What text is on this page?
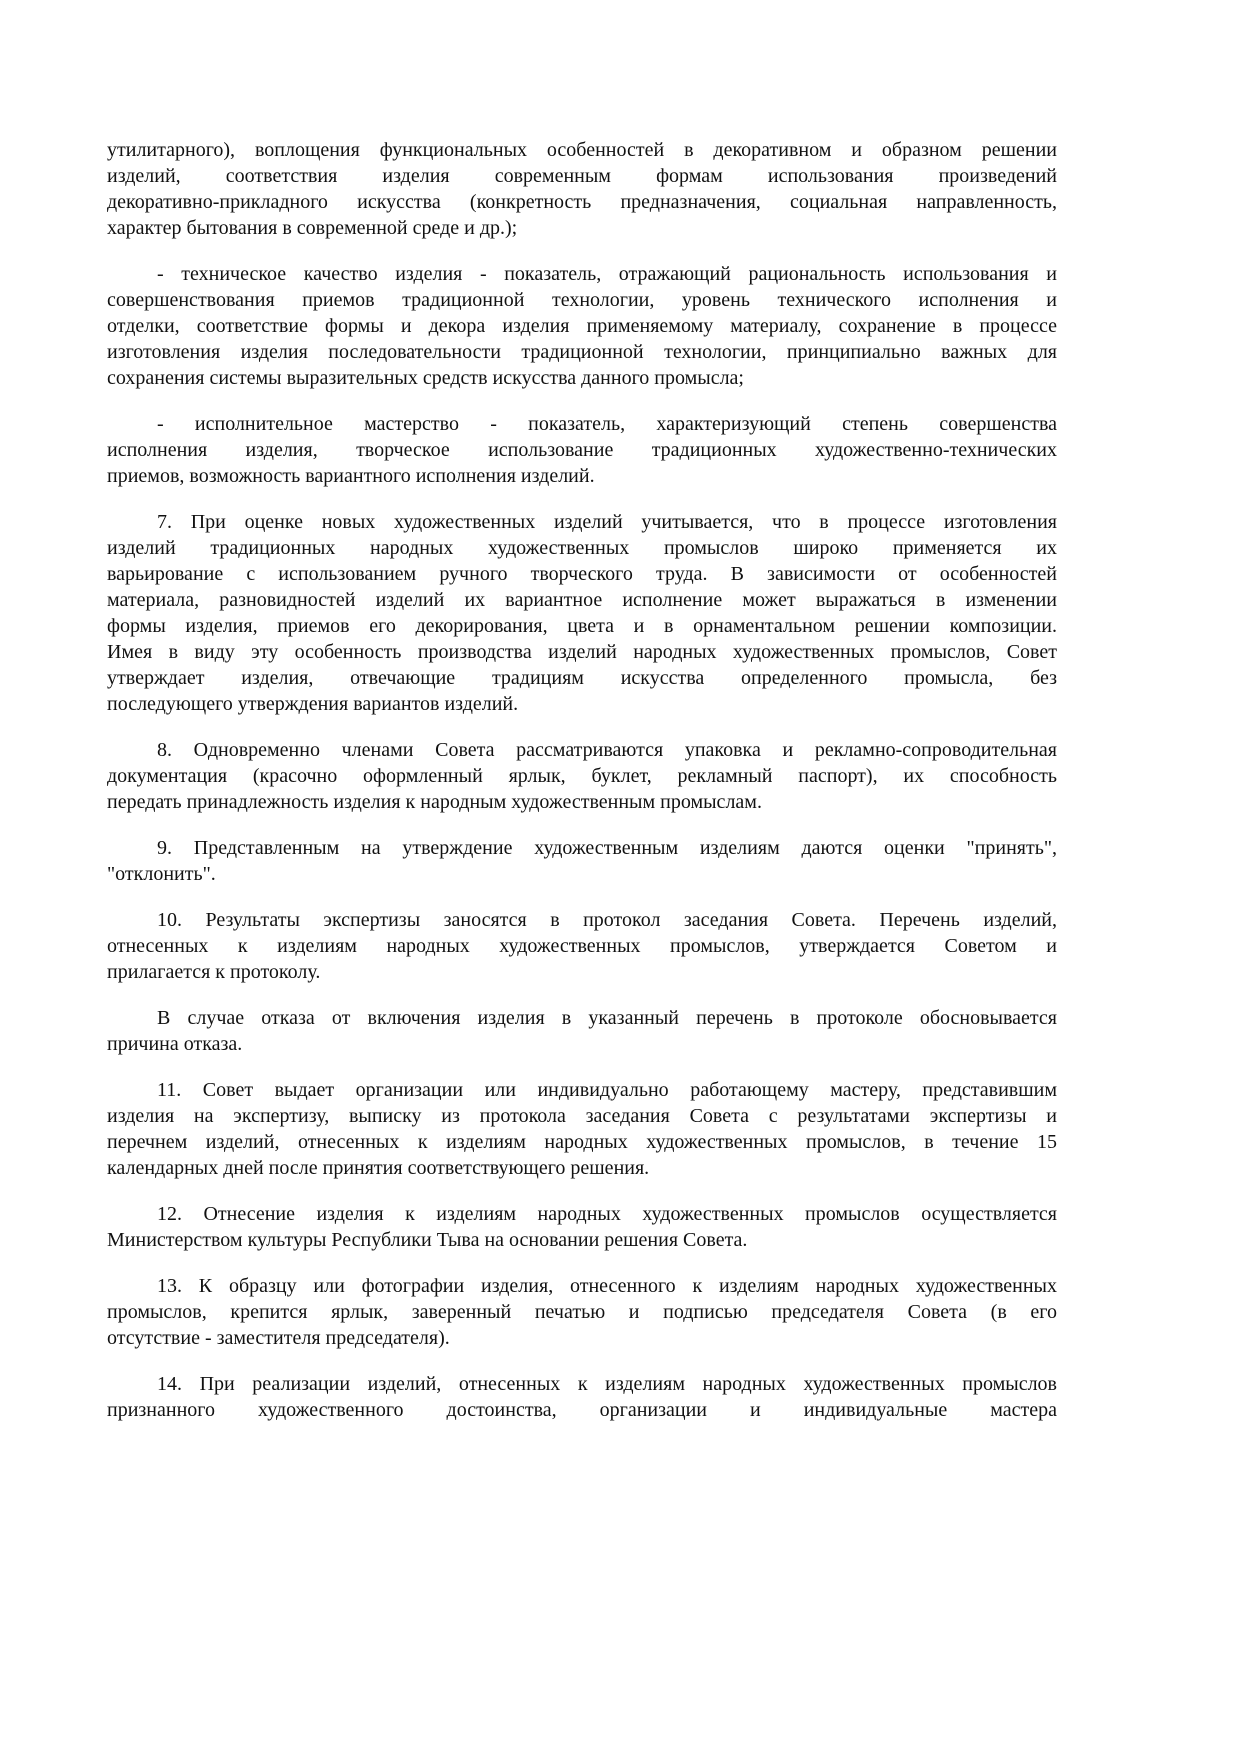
утилитарного), воплощения функциональных особенностей в декоративном и образном решении
изделий, соответствия изделия современным формам использования произведений
декоративно-прикладного искусства (конкретность предназначения, социальная направленность,
характер бытования в современной среде и др.);
- техническое качество изделия - показатель, отражающий рациональность использования и
совершенствования приемов традиционной технологии, уровень технического исполнения и
отделки, соответствие формы и декора изделия применяемому материалу, сохранение в процессе
изготовления изделия последовательности традиционной технологии, принципиально важных для
сохранения системы выразительных средств искусства данного промысла;
- исполнительное мастерство - показатель, характеризующий степень совершенства
исполнения изделия, творческое использование традиционных художественно-технических
приемов, возможность вариантного исполнения изделий.
7. При оценке новых художественных изделий учитывается, что в процессе изготовления
изделий традиционных народных художественных промыслов широко применяется их
варьирование с использованием ручного творческого труда. В зависимости от особенностей
материала, разновидностей изделий их вариантное исполнение может выражаться в изменении
формы изделия, приемов его декорирования, цвета и в орнаментальном решении композиции.
Имея в виду эту особенность производства изделий народных художественных промыслов, Совет
утверждает изделия, отвечающие традициям искусства определенного промысла, без
последующего утверждения вариантов изделий.
8. Одновременно членами Совета рассматриваются упаковка и рекламно-сопроводительная
документация (красочно оформленный ярлык, буклет, рекламный паспорт), их способность
передать принадлежность изделия к народным художественным промыслам.
9. Представленным на утверждение художественным изделиям даются оценки "принять",
"отклонить".
10. Результаты экспертизы заносятся в протокол заседания Совета. Перечень изделий,
отнесенных к изделиям народных художественных промыслов, утверждается Советом и
прилагается к протоколу.
В случае отказа от включения изделия в указанный перечень в протоколе обосновывается
причина отказа.
11. Совет выдает организации или индивидуально работающему мастеру, представившим
изделия на экспертизу, выписку из протокола заседания Совета с результатами экспертизы и
перечнем изделий, отнесенных к изделиям народных художественных промыслов, в течение 15
календарных дней после принятия соответствующего решения.
12. Отнесение изделия к изделиям народных художественных промыслов осуществляется
Министерством культуры Республики Тыва на основании решения Совета.
13. К образцу или фотографии изделия, отнесенного к изделиям народных художественных
промыслов, крепится ярлык, заверенный печатью и подписью председателя Совета (в его
отсутствие - заместителя председателя).
14. При реализации изделий, отнесенных к изделиям народных художественных промыслов
признанного художественного достоинства, организации и индивидуальные мастера
